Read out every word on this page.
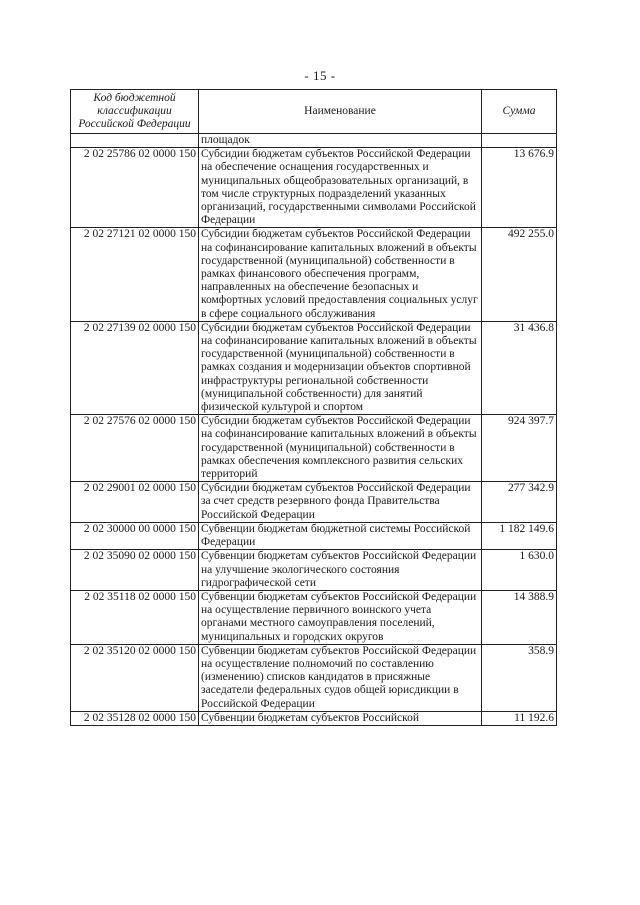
- 15 -
Код бюджетной классификации Российской Федерации	Наименование	Сумма
	площадок	
2 02 25786 02 0000 150	Субсидии бюджетам субъектов Российской Федерации на обеспечение оснащения государственных и муниципальных общеобразовательных организаций, в том числе структурных подразделений указанных организаций, государственными символами Российской Федерации	13 676.9
2 02 27121 02 0000 150	Субсидии бюджетам субъектов Российской Федерации на софинансирование капитальных вложений в объекты государственной (муниципальной) собственности в рамках финансового обеспечения программ, направленных на обеспечение безопасных и комфортных условий предоставления социальных услуг в сфере социального обслуживания	492 255.0
2 02 27139 02 0000 150	Субсидии бюджетам субъектов Российской Федерации на софинансирование капитальных вложений в объекты государственной (муниципальной) собственности в рамках создания и модернизации объектов спортивной инфраструктуры региональной собственности (муниципальной собственности) для занятий физической культурой и спортом	31 436.8
2 02 27576 02 0000 150	Субсидии бюджетам субъектов Российской Федерации на софинансирование капитальных вложений в объекты государственной (муниципальной) собственности в рамках обеспечения комплексного развития сельских территорий	924 397.7
2 02 29001 02 0000 150	Субсидии бюджетам субъектов Российской Федерации за счет средств резервного фонда Правительства Российской Федерации	277 342.9
2 02 30000 00 0000 150	Субвенции бюджетам бюджетной системы Российской Федерации	1 182 149.6
2 02 35090 02 0000 150	Субвенции бюджетам субъектов Российской Федерации на улучшение экологического состояния гидрографической сети	1 630.0
2 02 35118 02 0000 150	Субвенции бюджетам субъектов Российской Федерации на осуществление первичного воинского учета органами местного самоуправления поселений, муниципальных и городских округов	14 388.9
2 02 35120 02 0000 150	Субвенции бюджетам субъектов Российской Федерации на осуществление полномочий по составлению (изменению) списков кандидатов в присяжные заседатели федеральных судов общей юрисдикции в Российской Федерации	358.9
2 02 35128 02 0000 150	Субвенции бюджетам субъектов Российской	11 192.6
